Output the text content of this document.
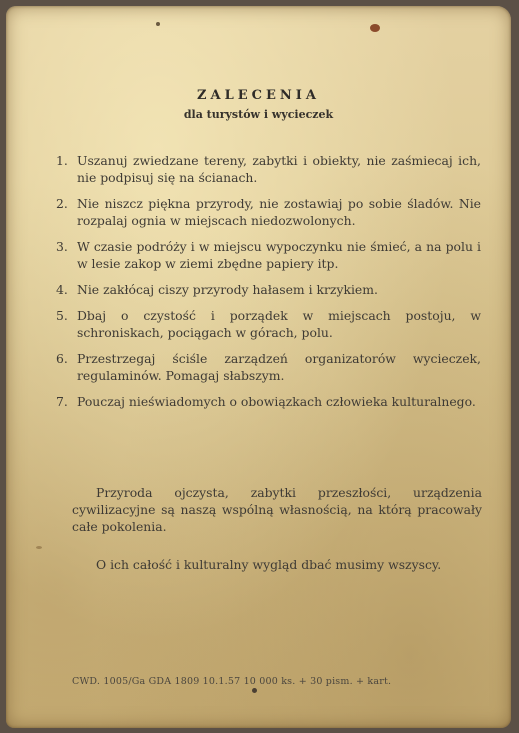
ZALECENIA
dla turystów i wycieczek
1. Uszanuj zwiedzane tereny, zabytki i obiekty, nie zaśmiecaj ich, nie podpisuj się na ścianach.
2. Nie niszcz piękna przyrody, nie zostawiaj po sobie śladów. Nie rozpalaj ognia w miejscach niedozwolonych.
3. W czasie podróży i w miejscu wypoczynku nie śmieć, a na polu i w lesie zakop w ziemi zbędne papiery itp.
4. Nie zakłócaj ciszy przyrody hałasem i krzykiem.
5. Dbaj o czystość i porządek w miejscach postoju, w schroniskach, pociągach w górach, polu.
6. Przestrzegaj ściśle zarządzeń organizatorów wycieczek, regulaminów. Pomagaj słabszym.
7. Pouczaj nieświadomych o obowiązkach człowieka kulturalnego.

Przyroda ojczysta, zabytki przeszłości, urządzenia cywilizacyjne są naszą wspólną własnością, na którą pracowały całe pokolenia.

O ich całość i kulturalny wygląd dbać musimy wszyscy.

CWD. 1005/Ga GDA 1809 10.1.57 10 000 ks. + 30 pism. + kart.
